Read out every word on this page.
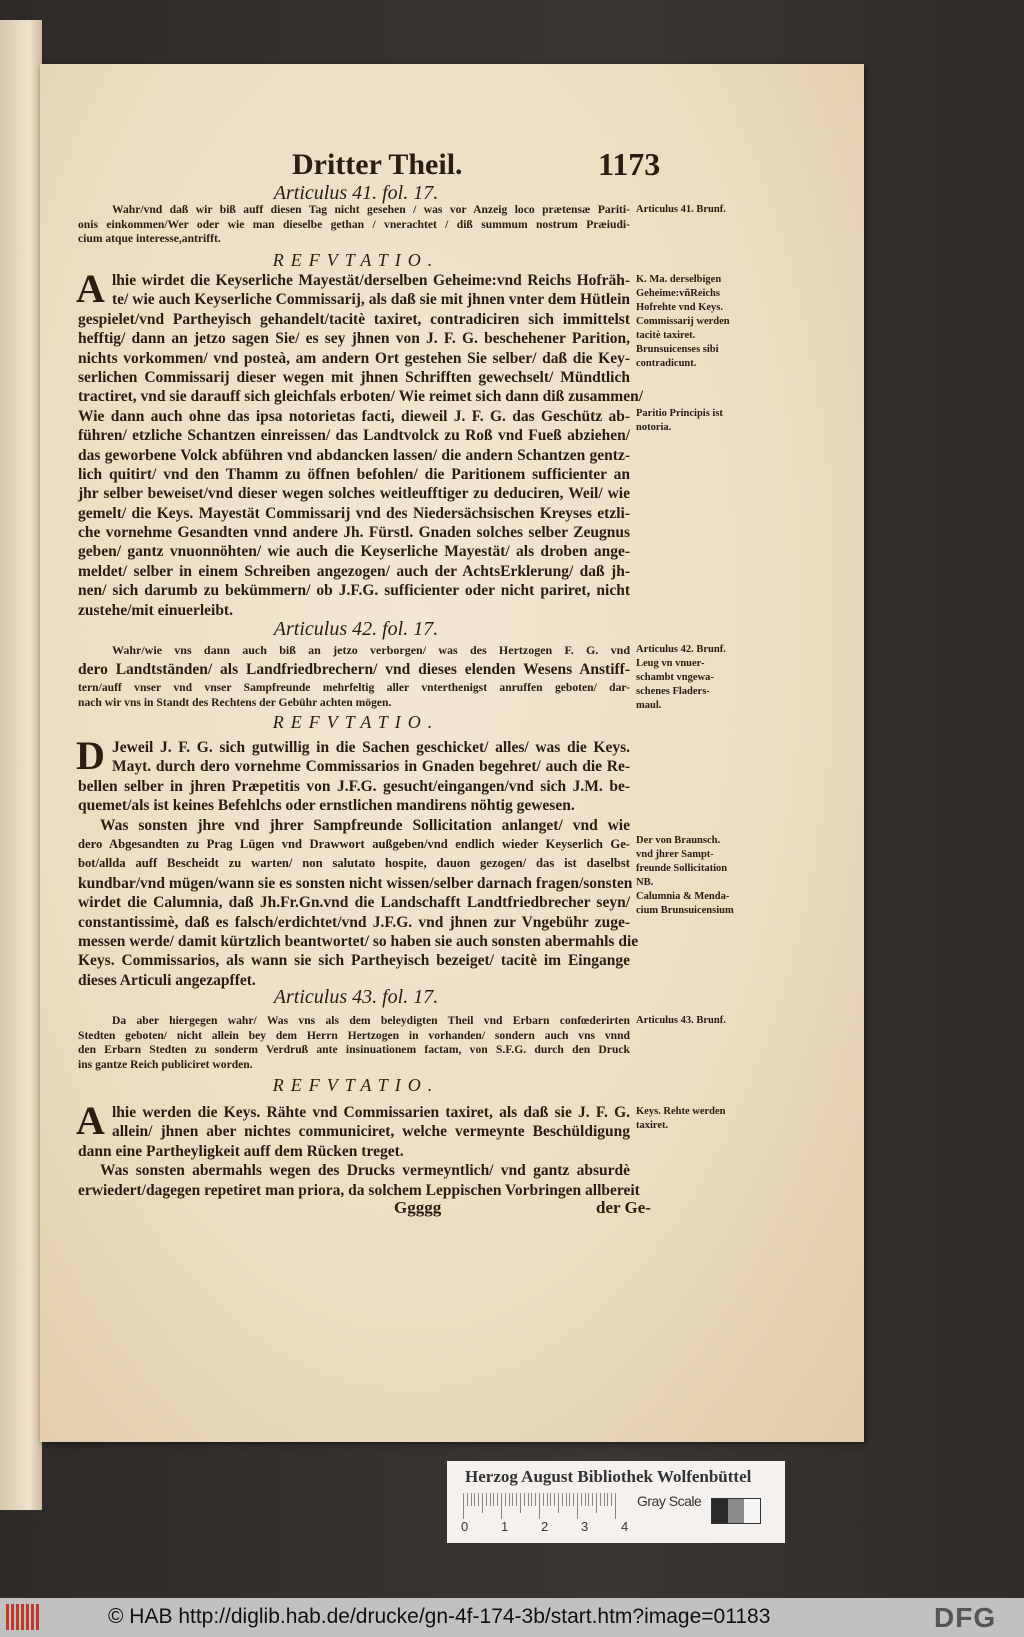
Dritter Theil.	1173
Articulus 41. fol. 17.
Wahr/vnd daß wir biß auff diesen Tag nicht gesehen / was vor Anzeig loco prætensæ Pariti-
onis einkommen/Wer oder wie man dieselbe gethan / vnerachtet / diß summum nostrum Præiudi-
cium atque interesse,antrifft.
Articulus 41. Brunf.
REFVTATIO.
A lhie wirdet die Keyserliche Mayestät/derselben Geheime:vnd Reichs Hofräh-
te/ wie auch Keyserliche Commissarij, als daß sie mit jhnen vnter dem Hütlein
gespielet/vnd Partheyisch gehandelt/tacitè taxiret, contradiciren sich immittelst
hefftig/ dann an jetzo sagen Sie/ es sey jhnen von J. F. G. beschehener Parition,
nichts vorkommen/ vnd posteà, am andern Ort gestehen Sie selber/ daß die Key-
serlichen Commissarij dieser wegen mit jhnen Schrifften gewechselt/ Mündtlich
tractiret, vnd sie darauff sich gleichfals erboten/ Wie reimet sich dann diß zusammen/
Wie dann auch ohne das ipsa notorietas facti, dieweil J. F. G. das Geschütz ab-
führen/ etzliche Schantzen einreissen/ das Landtvolck zu Roß vnd Fueß abziehen/
das geworbene Volck abführen vnd abdancken lassen/ die andern Schantzen gentz-
lich quitirt/ vnd den Thamm zu öffnen befohlen/ die Paritionem sufficienter an
jhr selber beweiset/vnd dieser wegen solches weitleufftiger zu deduciren, Weil/ wie
gemelt/ die Keys. Mayestät Commissarij vnd des Niedersächsischen Kreyses etzli-
che vornehme Gesandten vnnd andere Jh. Fürstl. Gnaden solches selber Zeugnus
geben/ gantz vnuonnöhten/ wie auch die Keyserliche Mayestät/ als droben ange-
meldet/ selber in einem Schreiben angezogen/ auch der AchtsErklerung/ daß jh-
nen/ sich darumb zu bekümmern/ ob J.F.G. sufficienter oder nicht pariret, nicht
zustehe/mit einuerleibt.
K. Ma. derselbigen
Geheime:vñReichs
Hofrehte vnd Keys.
Commissarij werden
tacitè taxiret.
Brunsuicenses sibi
contradicunt.
Paritio Principis ist
notoria.
Articulus 42. fol. 17.
Wahr/wie vns dann auch biß an jetzo verborgen/ was des Hertzogen F. G. vnd
dero Landtständen/ als Landfriedbrechern/ vnd dieses elenden Wesens Anstiff-
tern/auff vnser vnd vnser Sampfreunde mehrfeltig aller vnterthenigst anruffen geboten/ dar-
nach wir vns in Standt des Rechtens der Gebühr achten mögen.
Articulus 42. Brunf.
Leug vn vnuer-
schambt vngewa-
schenes Fladers-
maul.
REFVTATIO.
D Jeweil J. F. G. sich gutwillig in die Sachen geschicket/ alles/ was die Keys.
Mayt. durch dero vornehme Commissarios in Gnaden begehret/ auch die Re-
bellen selber in jhren Præpetitis von J.F.G. gesucht/eingangen/vnd sich J.M. be-
quemet/als ist keines Befehlchs oder ernstlichen mandirens nöhtig gewesen.
Was sonsten jhre vnd jhrer Sampfreunde Sollicitation anlanget/ vnd wie
dero Abgesandten zu Prag Lügen vnd Drawwort außgeben/vnd endlich wieder Keyserlich Ge-
bot/allda auff Bescheidt zu warten/ non salutato hospite, dauon gezogen/ das ist daselbst
kundbar/vnd mügen/wann sie es sonsten nicht wissen/selber darnach fragen/sonsten
wirdet die Calumnia, daß Jh.Fr.Gn.vnd die Landschafft Landtfriedbrecher seyn/
constantissimè, daß es falsch/erdichtet/vnd J.F.G. vnd jhnen zur Vngebühr zuge-
messen werde/ damit kürtzlich beantwortet/ so haben sie auch sonsten abermahls die
Keys. Commissarios, als wann sie sich Partheyisch bezeiget/ tacitè im Eingange
dieses Articuli angezapffet.
Der von Braunsch.
vnd jhrer Sampt-
freunde Sollicitation
NB.
Calumnia & Menda-
cium Brunsuicensium
Articulus 43. fol. 17.
Da aber hiergegen wahr/ Was vns als dem beleydigten Theil vnd Erbarn confœderirten
Stedten geboten/ nicht allein bey dem Herrn Hertzogen in vorhanden/ sondern auch vns vnnd
den Erbarn Stedten zu sonderm Verdruß ante insinuationem factam, von S.F.G. durch den Druck
ins gantze Reich publiciret worden.
Articulus 43. Brunf.
REFVTATIO.
A lhie werden die Keys. Rähte vnd Commissarien taxiret, als daß sie J. F. G.
allein/ jhnen aber nichtes communiciret, welche vermeynte Beschüldigung
dann eine Partheyligkeit auff dem Rücken treget.
Was sonsten abermahls wegen des Drucks vermeyntlich/ vnd gantz absurdè
erwiedert/dagegen repetiret man priora, da solchem Leppischen Vorbringen allbereit
Keys. Rehte werden
taxiret.
Ggggg	der Ge-
Herzog August Bibliothek Wolfenbüttel
Gray Scale
0	1	2	3	4
© HAB http://diglib.hab.de/drucke/gn-4f-174-3b/start.htm?image=01183	DFG
